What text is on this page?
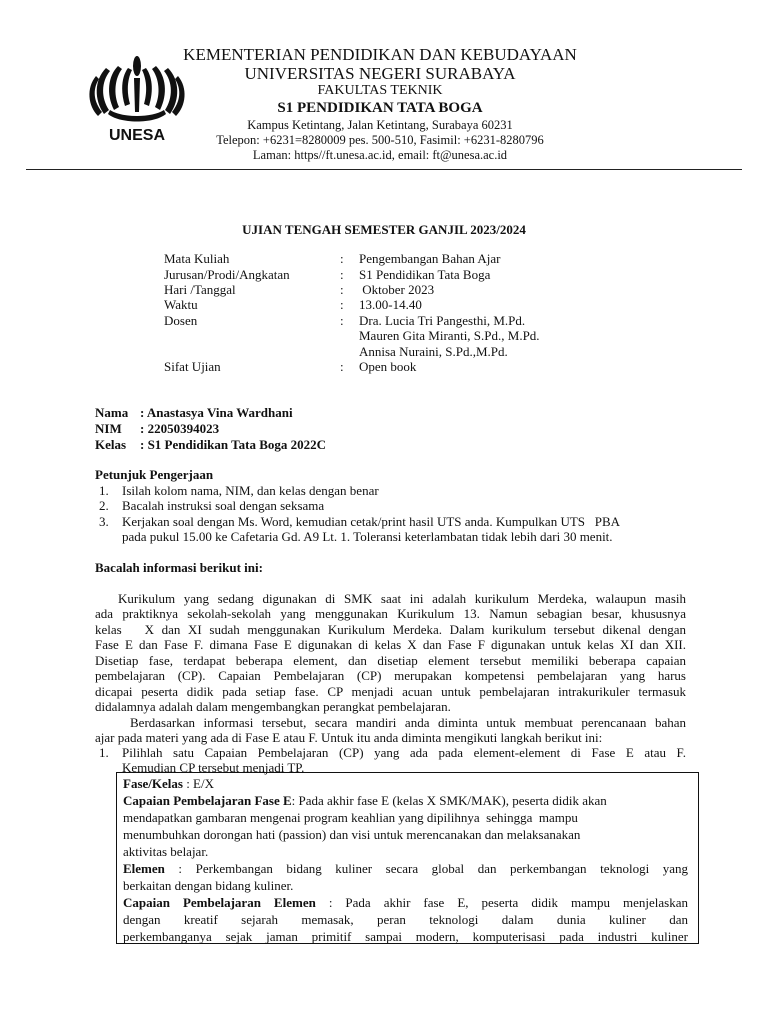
UNESA
KEMENTERIAN PENDIDIKAN DAN KEBUDAYAAN
UNIVERSITAS NEGERI SURABAYA
FAKULTAS TEKNIK
S1 PENDIDIKAN TATA BOGA
Kampus Ketintang, Jalan Ketintang, Surabaya 60231
Telepon: +6231=8280009 pes. 500-510, Fasimil: +6231-8280796
Laman: https//ft.unesa.ac.id, email: ft@unesa.ac.id
UJIAN TENGAH SEMESTER GANJIL 2023/2024
Mata Kuliah	: Pengembangan Bahan Ajar
Jurusan/Prodi/Angkatan	: S1 Pendidikan Tata Boga
Hari /Tanggal	: Oktober 2023
Waktu	: 13.00-14.40
Dosen	: Dra. Lucia Tri Pangesthi, M.Pd.
Mauren Gita Miranti, S.Pd., M.Pd.
Annisa Nuraini, S.Pd.,M.Pd.
Sifat Ujian	: Open book
Nama : Anastasya Vina Wardhani
NIM : 22050394023
Kelas : S1 Pendidikan Tata Boga 2022C
Petunjuk Pengerjaan
1. Isilah kolom nama, NIM, dan kelas dengan benar
2. Bacalah instruksi soal dengan seksama
3. Kerjakan soal dengan Ms. Word, kemudian cetak/print hasil UTS anda. Kumpulkan UTS   PBA
pada pukul 15.00 ke Cafetaria Gd. A9 Lt. 1. Toleransi keterlambatan tidak lebih dari 30 menit.
Bacalah informasi berikut ini:
Kurikulum yang sedang digunakan di SMK saat ini adalah kurikulum Merdeka, walaupun masih
ada praktiknya sekolah-sekolah yang menggunakan Kurikulum 13. Namun sebagian besar, khususnya
kelas   X dan XI sudah menggunakan Kurikulum Merdeka. Dalam kurikulum tersebut dikenal dengan
Fase E dan Fase F. dimana Fase E digunakan di kelas X dan Fase F digunakan untuk kelas XI dan XII.
Disetiap fase, terdapat beberapa element, dan disetiap element tersebut memiliki beberapa capaian
pembelajaran (CP). Capaian Pembelajaran (CP) merupakan kompetensi pembelajaran yang harus
dicapai peserta didik pada setiap fase. CP menjadi acuan untuk pembelajaran intrakurikuler termasuk
didalamnya adalah dalam mengembangkan perangkat pembelajaran.
Berdasarkan informasi tersebut, secara mandiri anda diminta untuk membuat perencanaan bahan
ajar pada materi yang ada di Fase E atau F. Untuk itu anda diminta mengikuti langkah berikut ini:
1. Pilihlah satu Capaian Pembelajaran (CP) yang ada pada element-element di Fase E atau F.
Kemudian CP tersebut menjadi TP.
Fase/Kelas : E/X
Capaian Pembelajaran Fase E: Pada akhir fase E (kelas X SMK/MAK), peserta didik akan
mendapatkan gambaran mengenai program keahlian yang dipilihnya  sehingga  mampu
menumbuhkan dorongan hati (passion) dan visi untuk merencanakan dan melaksanakan
aktivitas belajar.
Elemen : Perkembangan bidang kuliner secara global dan perkembangan teknologi yang
berkaitan dengan bidang kuliner.
Capaian Pembelajaran Elemen : Pada akhir fase E, peserta didik mampu menjelaskan
dengan kreatif sejarah memasak, peran teknologi dalam dunia kuliner dan
perkembanganya sejak jaman primitif sampai modern, komputerisasi pada industri kuliner
